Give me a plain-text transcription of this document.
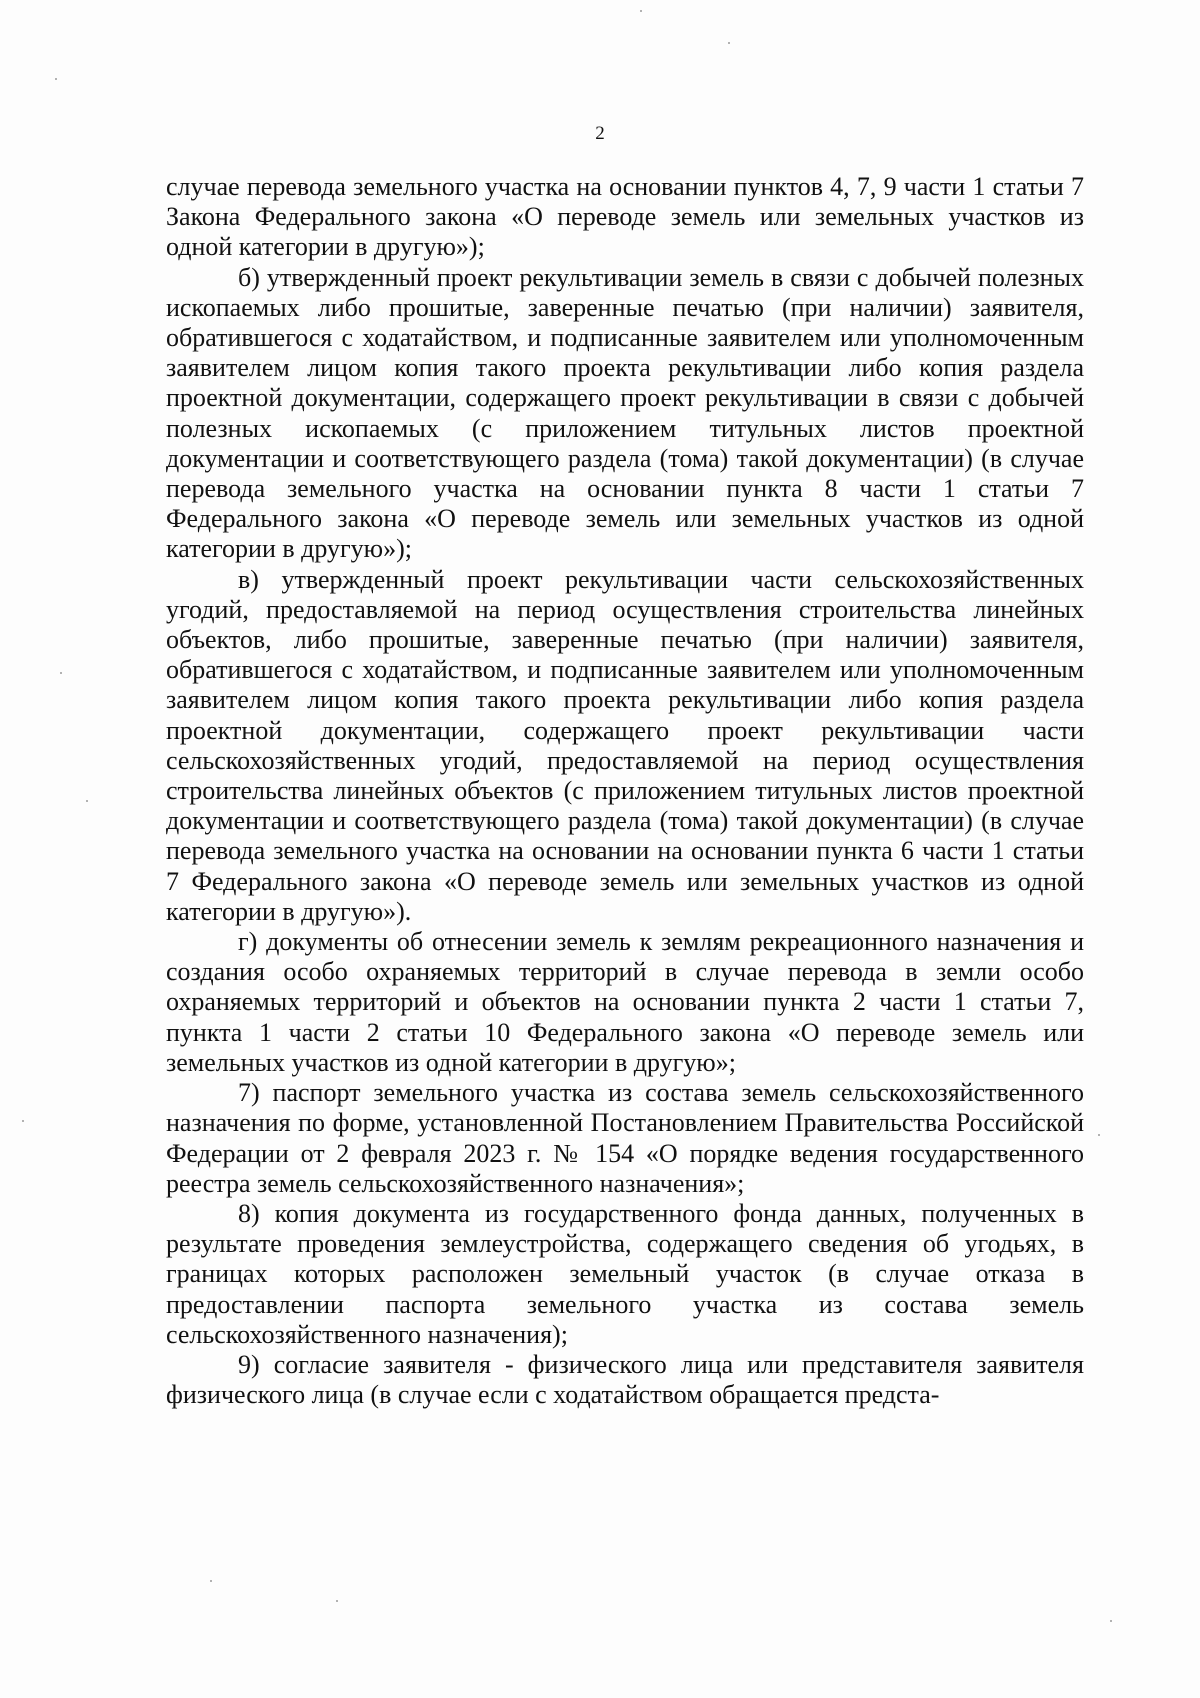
2

случае перевода земельного участка на основании пунктов 4, 7, 9 части 1 статьи 7 Закона Федерального закона «О переводе земель или земельных участков из одной категории в другую»);

б) утвержденный проект рекультивации земель в связи с добычей полезных ископаемых либо прошитые, заверенные печатью (при наличии) заявителя, обратившегося с ходатайством, и подписанные заявителем или уполномоченным заявителем лицом копия такого проекта рекультивации либо копия раздела проектной документации, содержащего проект рекультивации в связи с добычей полезных ископаемых (с приложением титульных листов проектной документации и соответствующего раздела (тома) такой документации) (в случае перевода земельного участка на основании пункта 8 части 1 статьи 7 Федерального закона «О переводе земель или земельных участков из одной категории в другую»);

в) утвержденный проект рекультивации части сельскохозяйственных угодий, предоставляемой на период осуществления строительства линейных объектов, либо прошитые, заверенные печатью (при наличии) заявителя, обратившегося с ходатайством, и подписанные заявителем или уполномоченным заявителем лицом копия такого проекта рекультивации либо копия раздела проектной документации, содержащего проект рекультивации части сельскохозяйственных угодий, предоставляемой на период осуществления строительства линейных объектов (с приложением титульных листов проектной документации и соответствующего раздела (тома) такой документации) (в случае перевода земельного участка на основании на основании пункта 6 части 1 статьи 7 Федерального закона «О переводе земель или земельных участков из одной категории в другую»).

г) документы об отнесении земель к землям рекреационного назначения и создания особо охраняемых территорий в случае перевода в земли особо охраняемых территорий и объектов на основании пункта 2 части 1 статьи 7, пункта 1 части 2 статьи 10 Федерального закона «О переводе земель или земельных участков из одной категории в другую»;

7) паспорт земельного участка из состава земель сельскохозяйственного назначения по форме, установленной Постановлением Правительства Российской Федерации от 2 февраля 2023 г. № 154 «О порядке ведения государственного реестра земель сельскохозяйственного назначения»;

8) копия документа из государственного фонда данных, полученных в результате проведения землеустройства, содержащего сведения об угодьях, в границах которых расположен земельный участок (в случае отказа в предоставлении паспорта земельного участка из состава земель сельскохозяйственного назначения);

9) согласие заявителя - физического лица или представителя заявителя физического лица (в случае если с ходатайством обращается предста-
